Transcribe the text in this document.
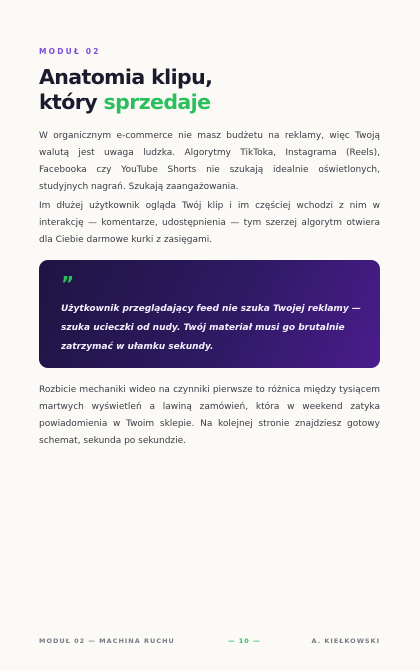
MODUŁ 02
Anatomia klipu,
który sprzedaje

W organicznym e-commerce nie masz budżetu na reklamy, więc Twoją walutą jest uwaga ludzka. Algorytmy TikToka, Instagrama (Reels), Facebooka czy YouTube Shorts nie szukają idealnie oświetlonych, studyjnych nagrań. Szukają zaangażowania.

Im dłużej użytkownik ogląda Twój klip i im częściej wchodzi z nim w interakcję — komentarze, udostępnienia — tym szerzej algorytm otwiera dla Ciebie darmowe kurki z zasięgami.

”

Użytkownik przeglądający feed nie szuka Twojej reklamy — szuka ucieczki od nudy. Twój materiał musi go brutalnie zatrzymać w ułamku sekundy.

Rozbicie mechaniki wideo na czynniki pierwsze to różnica między tysiącem martwych wyświetleń a lawiną zamówień, która w weekend zatyka powiadomienia w Twoim sklepie. Na kolejnej stronie znajdziesz gotowy schemat, sekunda po sekundzie.

MODUŁ 02 — MACHINA RUCHU	— 10 —	A. KIEŁKOWSKI
